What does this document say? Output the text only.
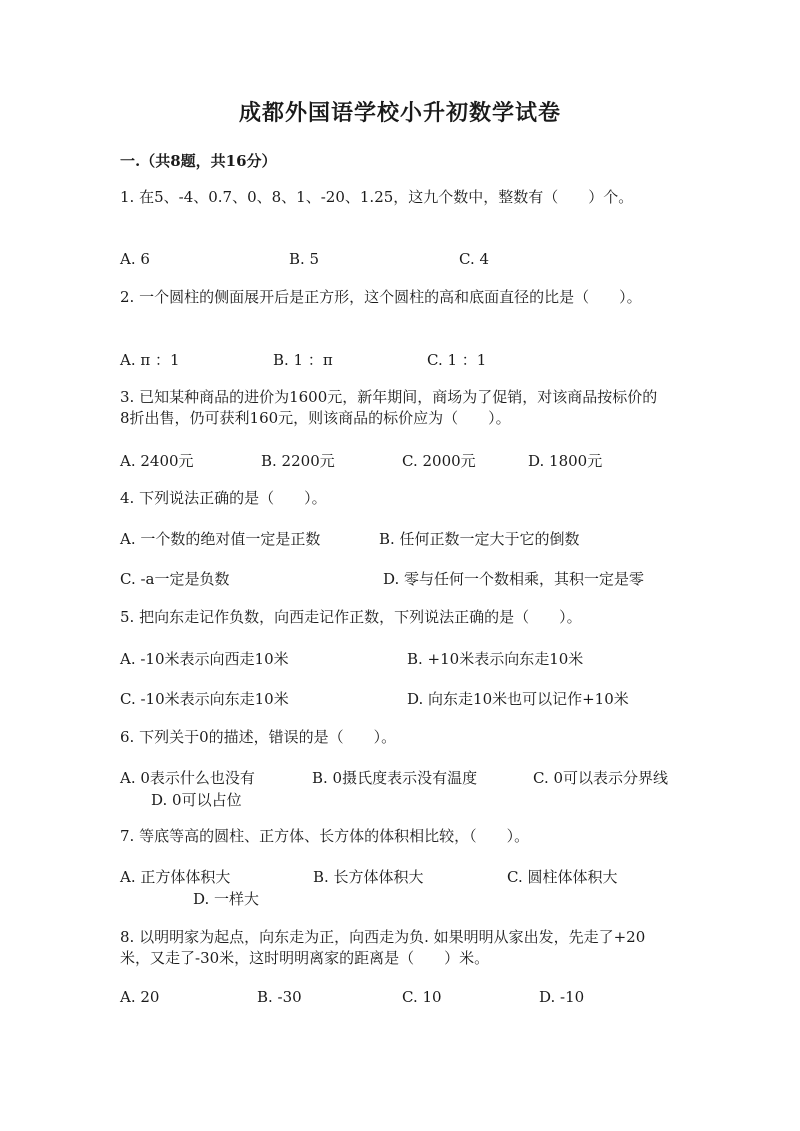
成都外国语学校小升初数学试卷
一.（共8题，共16分）
1. 在5、-4、0.7、0、8、1、-20、1.25，这九个数中，整数有（　　）个。
A. 6	B. 5	C. 4
2. 一个圆柱的侧面展开后是正方形，这个圆柱的高和底面直径的比是（　　）。
A. π ：1	B. 1 ：π	C. 1 ：1
3. 已知某种商品的进价为1600元，新年期间，商场为了促销，对该商品按标价的8折出售，仍可获利160元，则该商品的标价应为（　　）。
A. 2400元	B. 2200元	C. 2000元	D. 1800元
4. 下列说法正确的是（　　）。
A. 一个数的绝对值一定是正数	B. 任何正数一定大于它的倒数
C. -a一定是负数	D. 零与任何一个数相乘，其积一定是零
5. 把向东走记作负数，向西走记作正数，下列说法正确的是（　　）。
A. -10米表示向西走10米	B. +10米表示向东走10米
C. -10米表示向东走10米	D. 向东走10米也可以记作+10米
6. 下列关于0的描述，错误的是（　　）。
A. 0表示什么也没有	B. 0摄氏度表示没有温度	C. 0可以表示分界线
D. 0可以占位
7. 等底等高的圆柱、正方体、长方体的体积相比较，（　　）。
A. 正方体体积大	B. 长方体体积大	C. 圆柱体体积大
D. 一样大
8. 以明明家为起点，向东走为正，向西走为负. 如果明明从家出发，先走了+20米，又走了-30米，这时明明离家的距离是（　　）米。
A. 20	B. -30	C. 10	D. -10
